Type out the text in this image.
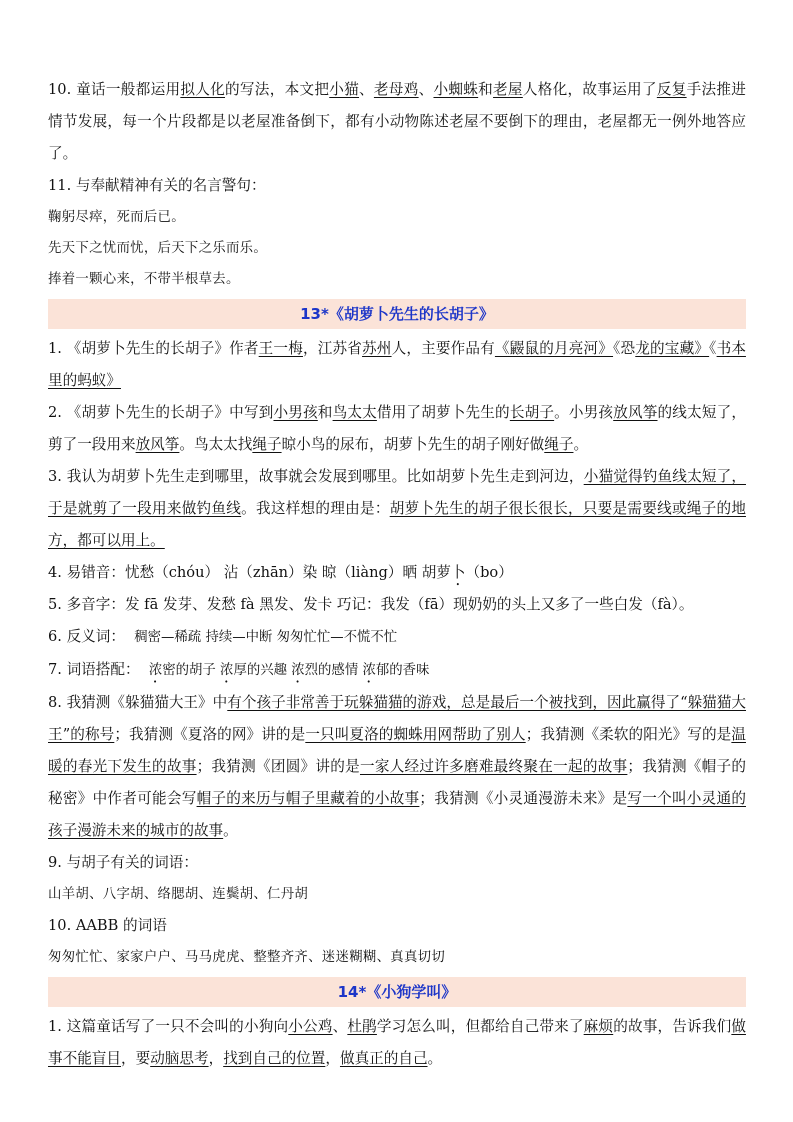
10. 童话一般都运用拟人化的写法，本文把小猫、老母鸡、小蜘蛛和老屋人格化，故事运用了反复手法推进情节发展，每一个片段都是以老屋准备倒下，都有小动物陈述老屋不要倒下的理由，老屋都无一例外地答应了。

11. 与奉献精神有关的名言警句：

鞠躬尽瘁，死而后已。

先天下之忧而忧，后天下之乐而乐。

捧着一颗心来，不带半根草去。

13*《胡萝卜先生的长胡子》

1. 《胡萝卜先生的长胡子》作者王一梅，江苏省苏州人，主要作品有《鼹鼠的月亮河》《恐龙的宝藏》《书本里的蚂蚁》

2. 《胡萝卜先生的长胡子》中写到小男孩和鸟太太借用了胡萝卜先生的长胡子。小男孩放风筝的线太短了，剪了一段用来放风筝。鸟太太找绳子晾小鸟的尿布，胡萝卜先生的胡子刚好做绳子。

3. 我认为胡萝卜先生走到哪里，故事就会发展到哪里。比如胡萝卜先生走到河边，小猫觉得钓鱼线太短了，于是就剪了一段用来做钓鱼线。我这样想的理由是：胡萝卜先生的胡子很长很长，只要是需要线或绳子的地方，都可以用上。

4. 易错音：忧愁（chóu） 沾（zhān）染 晾（liàng）晒 胡萝卜（bo）

5. 多音字：发 fā 发芽、发愁 fà 黑发、发卡 巧记：我发（fā）现奶奶的头上又多了一些白发（fà）。

6. 反义词： 稠密—稀疏 持续—中断 匆匆忙忙—不慌不忙

7. 词语搭配： 浓密的胡子 浓厚的兴趣 浓烈的感情 浓郁的香味

8. 我猜测《躲猫猫大王》中有个孩子非常善于玩躲猫猫的游戏，总是最后一个被找到，因此赢得了“躲猫猫大王”的称号；我猜测《夏洛的网》讲的是一只叫夏洛的蜘蛛用网帮助了别人；我猜测《柔软的阳光》写的是温暖的春光下发生的故事；我猜测《团圆》讲的是一家人经过许多磨难最终聚在一起的故事；我猜测《帽子的秘密》中作者可能会写帽子的来历与帽子里藏着的小故事；我猜测《小灵通漫游未来》是写一个叫小灵通的孩子漫游未来的城市的故事。

9. 与胡子有关的词语：

山羊胡、八字胡、络腮胡、连鬓胡、仁丹胡

10. AABB 的词语

匆匆忙忙、家家户户、马马虎虎、整整齐齐、迷迷糊糊、真真切切

14*《小狗学叫》

1. 这篇童话写了一只不会叫的小狗向小公鸡、杜鹃学习怎么叫，但都给自己带来了麻烦的故事，告诉我们做事不能盲目，要动脑思考，找到自己的位置，做真正的自己。
